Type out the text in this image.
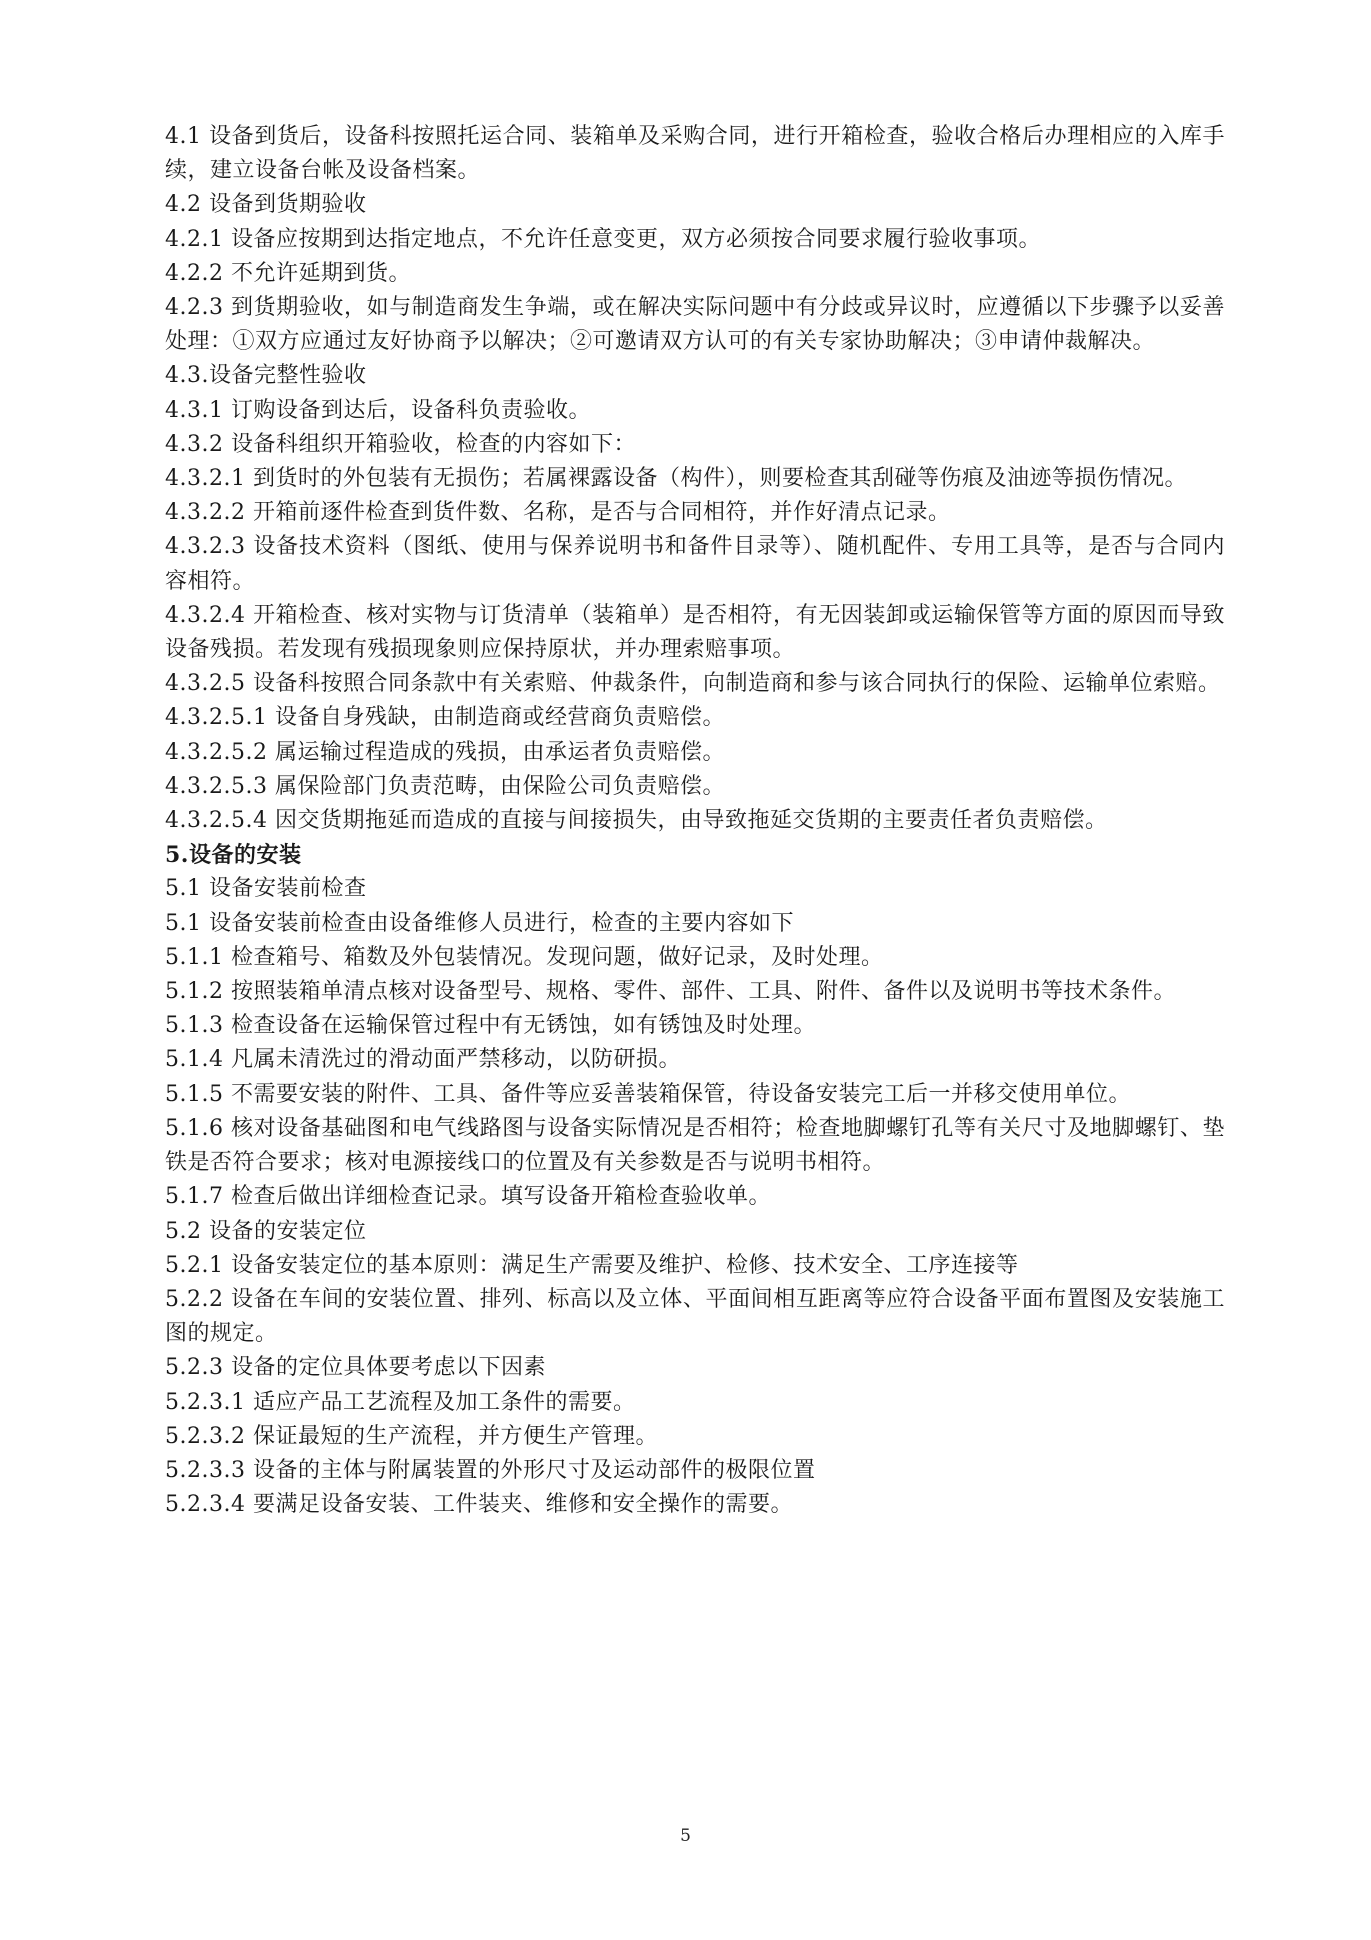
4.1 设备到货后，设备科按照托运合同、装箱单及采购合同，进行开箱检查，验收合格后办理相应的入库手续，建立设备台帐及设备档案。

4.2 设备到货期验收

4.2.1 设备应按期到达指定地点，不允许任意变更，双方必须按合同要求履行验收事项。

4.2.2 不允许延期到货。

4.2.3 到货期验收，如与制造商发生争端，或在解决实际问题中有分歧或异议时，应遵循以下步骤予以妥善处理：①双方应通过友好协商予以解决；②可邀请双方认可的有关专家协助解决；③申请仲裁解决。

4.3.设备完整性验收

4.3.1 订购设备到达后，设备科负责验收。

4.3.2 设备科组织开箱验收，检查的内容如下：

4.3.2.1 到货时的外包装有无损伤；若属裸露设备（构件），则要检查其刮碰等伤痕及油迹等损伤情况。

4.3.2.2 开箱前逐件检查到货件数、名称，是否与合同相符，并作好清点记录。

4.3.2.3 设备技术资料（图纸、使用与保养说明书和备件目录等）、随机配件、专用工具等，是否与合同内容相符。

4.3.2.4 开箱检查、核对实物与订货清单（装箱单）是否相符，有无因装卸或运输保管等方面的原因而导致设备残损。若发现有残损现象则应保持原状，并办理索赔事项。

4.3.2.5 设备科按照合同条款中有关索赔、仲裁条件，向制造商和参与该合同执行的保险、运输单位索赔。

4.3.2.5.1 设备自身残缺，由制造商或经营商负责赔偿。

4.3.2.5.2 属运输过程造成的残损，由承运者负责赔偿。

4.3.2.5.3 属保险部门负责范畴，由保险公司负责赔偿。

4.3.2.5.4 因交货期拖延而造成的直接与间接损失，由导致拖延交货期的主要责任者负责赔偿。

5.设备的安装

5.1 设备安装前检查

5.1 设备安装前检查由设备维修人员进行，检查的主要内容如下

5.1.1 检查箱号、箱数及外包装情况。发现问题，做好记录，及时处理。

5.1.2 按照装箱单清点核对设备型号、规格、零件、部件、工具、附件、备件以及说明书等技术条件。

5.1.3 检查设备在运输保管过程中有无锈蚀，如有锈蚀及时处理。

5.1.4 凡属未清洗过的滑动面严禁移动，以防研损。

5.1.5 不需要安装的附件、工具、备件等应妥善装箱保管，待设备安装完工后一并移交使用单位。

5.1.6 核对设备基础图和电气线路图与设备实际情况是否相符；检查地脚螺钉孔等有关尺寸及地脚螺钉、垫铁是否符合要求；核对电源接线口的位置及有关参数是否与说明书相符。

5.1.7 检查后做出详细检查记录。填写设备开箱检查验收单。

5.2 设备的安装定位

5.2.1 设备安装定位的基本原则：满足生产需要及维护、检修、技术安全、工序连接等

5.2.2 设备在车间的安装位置、排列、标高以及立体、平面间相互距离等应符合设备平面布置图及安装施工图的规定。

5.2.3 设备的定位具体要考虑以下因素

5.2.3.1 适应产品工艺流程及加工条件的需要。

5.2.3.2 保证最短的生产流程，并方便生产管理。

5.2.3.3 设备的主体与附属装置的外形尺寸及运动部件的极限位置

5.2.3.4 要满足设备安装、工件装夹、维修和安全操作的需要。

5
